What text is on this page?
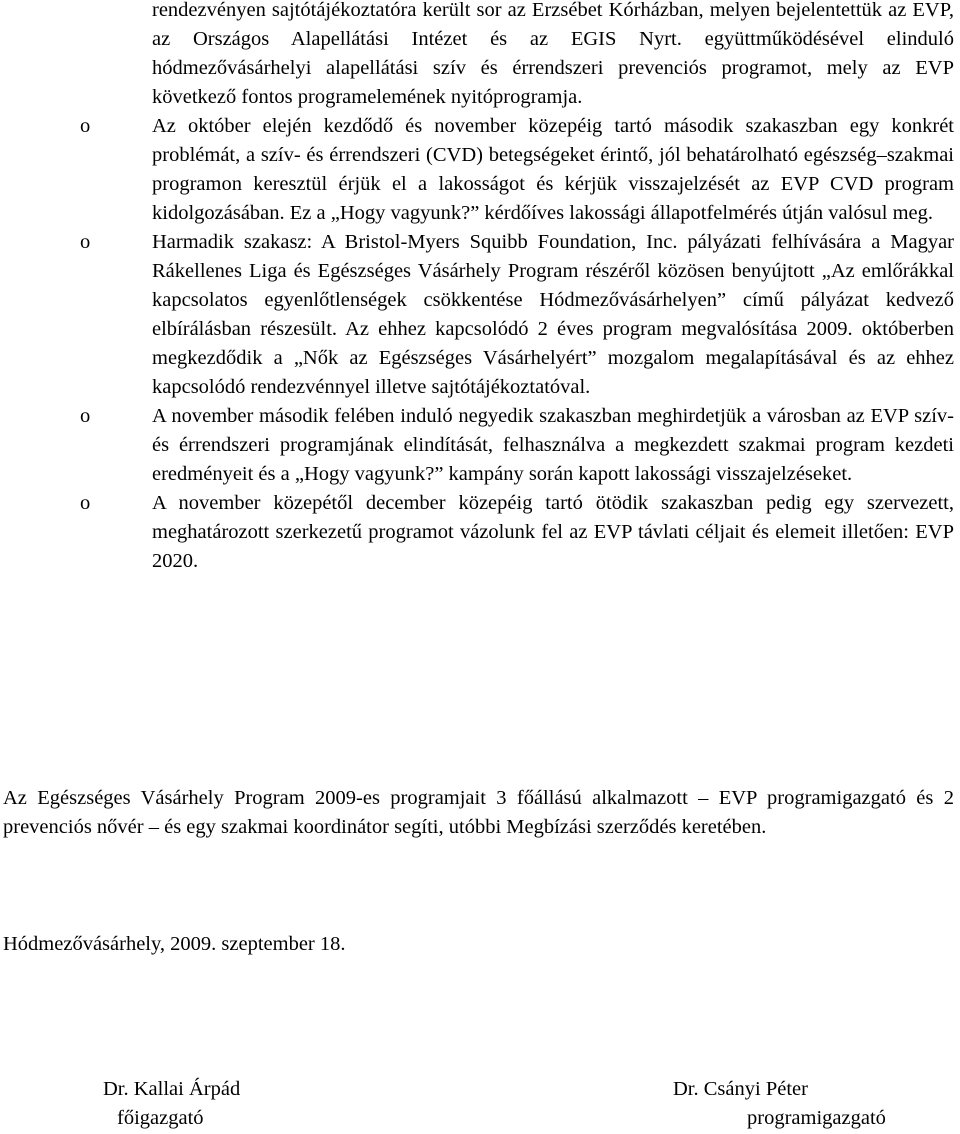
rendezvényen sajtótájékoztatóra került sor az Erzsébet Kórházban, melyen bejelentettük az EVP, az Országos Alapellátási Intézet és az EGIS Nyrt. együttműködésével elinduló hódmezővásárhelyi alapellátási szív és érrendszeri prevenciós programot, mely az EVP következő fontos programelemének nyitóprogramja.
o	Az október elején kezdődő és november közepéig tartó második szakaszban egy konkrét problémát, a szív- és érrendszeri (CVD) betegségeket érintő, jól behatárolható egészség–szakmai programon keresztül érjük el a lakosságot és kérjük visszajelzését az EVP CVD program kidolgozásában. Ez a „Hogy vagyunk?” kérdőíves lakossági állapotfelmérés útján valósul meg.
o	Harmadik szakasz: A Bristol-Myers Squibb Foundation, Inc. pályázati felhívására a Magyar Rákellenes Liga és Egészséges Vásárhely Program részéről közösen benyújtott „Az emlőrákkal kapcsolatos egyenlőtlenségek csökkentése Hódmezővásárhelyen” című pályázat kedvező elbírálásban részesült. Az ehhez kapcsolódó 2 éves program megvalósítása 2009. októberben megkezdődik a „Nők az Egészséges Vásárhelyért” mozgalom megalapításával és az ehhez kapcsolódó rendezvénnyel illetve sajtótájékoztatóval.
o	A november második felében induló negyedik szakaszban meghirdetjük a városban az EVP szív-és érrendszeri programjának elindítását, felhasználva a megkezdett szakmai program kezdeti eredményeit és a „Hogy vagyunk?” kampány során kapott lakossági visszajelzéseket.
o	A november közepétől december közepéig tartó ötödik szakaszban pedig egy szervezett, meghatározott szerkezetű programot vázolunk fel az EVP távlati céljait és elemeit illetően: EVP 2020.
Az Egészséges Vásárhely Program 2009-es programjait 3 főállású alkalmazott – EVP programigazgató és 2 prevenciós nővér – és egy szakmai koordinátor segíti, utóbbi Megbízási szerződés keretében.
Hódmezővásárhely, 2009. szeptember 18.
Dr. Kallai Árpád
főigazgató
Dr. Csányi Péter
programigazgató
